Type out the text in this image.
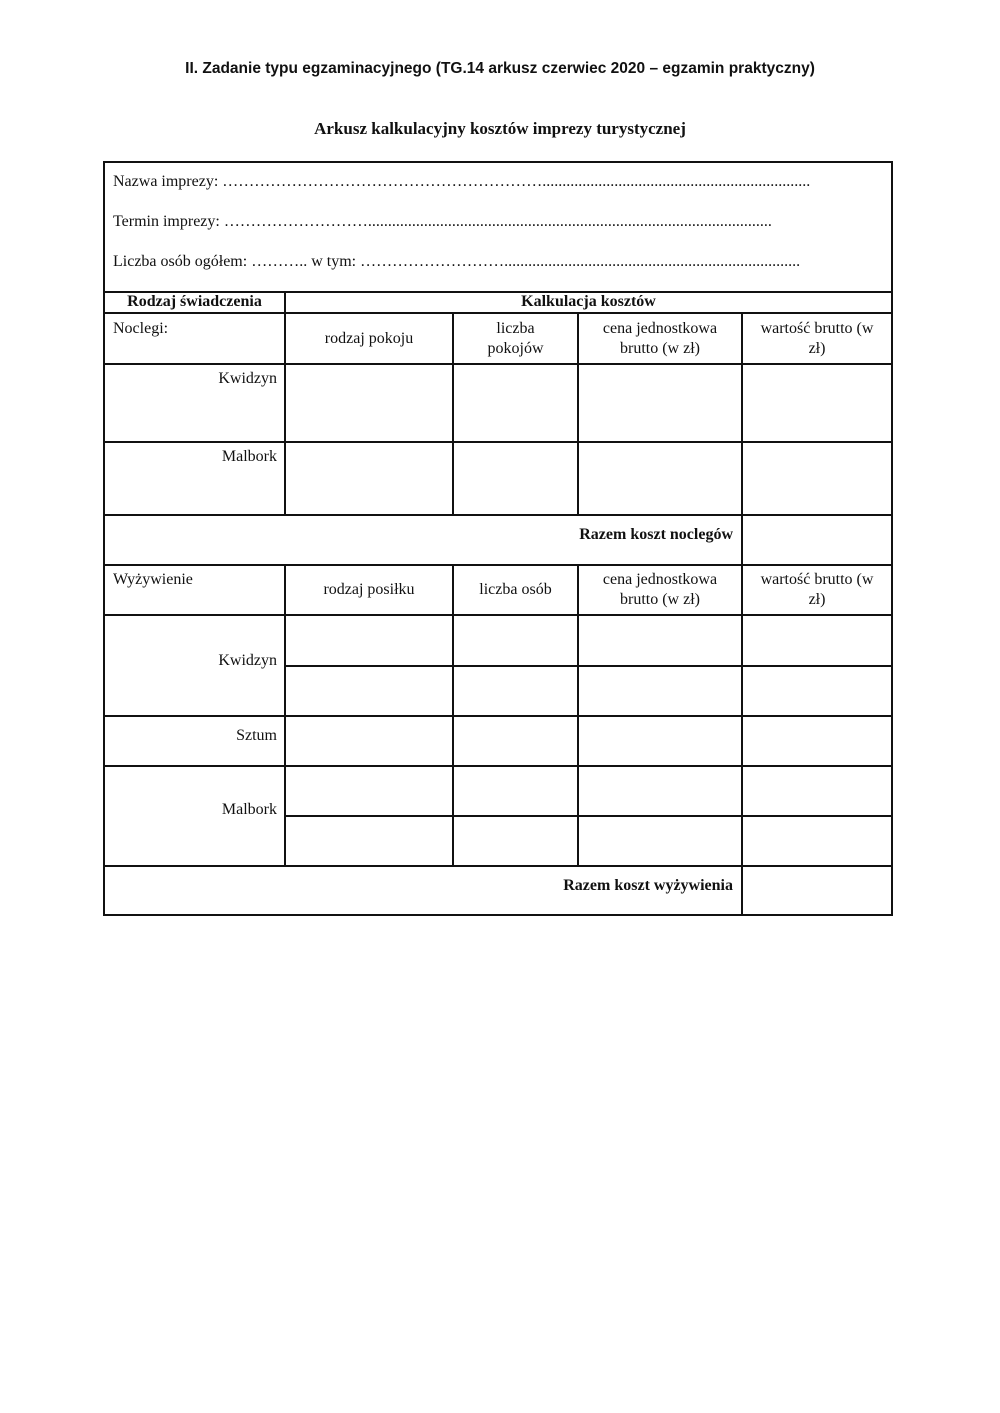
II. Zadanie typu egzaminacyjnego (TG.14 arkusz czerwiec 2020 – egzamin praktyczny)
Arkusz kalkulacyjny kosztów imprezy turystycznej
Nazwa imprezy: ……………………………………………………...................................................................
Termin imprezy: ……………………….....................................................................................................
Liczba osób ogółem: ……….. w tym: ………………………..........................................................................
Rodzaj świadczenia	Kalkulacja kosztów
Noclegi:
rodzaj pokoju
liczba pokojów
cena jednostkowa brutto (w zł)
wartość brutto (w zł)
Kwidzyn
Malbork
Razem koszt noclegów
Wyżywienie
rodzaj posiłku	liczba osób
cena jednostkowa brutto (w zł)
wartość brutto (w zł)
Kwidzyn
Sztum
Malbork
Razem koszt wyżywienia
